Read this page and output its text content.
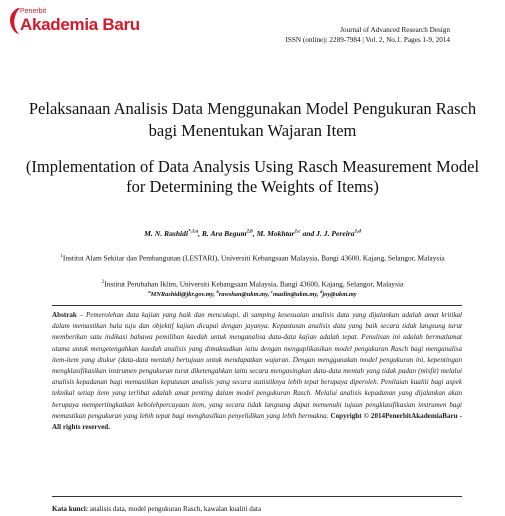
Penerbit
Akademia Baru	Journal of Advanced Research Design
ISSN (online): 2289-7984 | Vol. 2, No.1. Pages 1-9, 2014
Pelaksanaan Analisis Data Menggunakan Model Pengukuran Rasch bagi Menentukan Wajaran Item
(Implementation of Data Analysis Using Rasch Measurement Model for Determining the Weights of Items)
M. N. Rashidi$^{*,1,a}$, R. Ara Begum$^{2,b}$, M. Mokhtar$^{1,c}$ and J. J. Pereira$^{1,d}$
$^1$Institut Alam Sekitar dan Pembangunan (LESTARI), Universiti Kebangsaan Malaysia, Bangi 43600, Kajang, Selangor, Malaysia
$^2$Institut Perubahan Iklim, Universiti Kebangsaan Malaysia, Bangi 43600, Kajang, Selangor, Malaysia
$^a$MNRashidi@jkr.gov.my, $^b$rawshan@ukm.my, $^c$mazlin@ukm.my, $^d$joy@ukm.my
Abstrak – Pemerolehan data kajian yang baik dan mencukupi, di samping kesesuaian analisis data yang dijalankan adalah amat kritikal dalam memastikan hala tuju dan objektif kajian dicapai dengan jayanya. Kepastusan analisis data yang baik secara tidak langsung turut memberikan satu indikasi bahawa pemilihan kaedah untuk menganalisa data-data kajian adalah tepat. Penulisan ini adalah bermatlamat utama untuk mengetengahkan kaedah analisis yang dimaksudkan iaitu dengan mengaplikasikan model pengukuran Rasch bagi menganalisa item-item yang diukur (data-data mentah) bertujuan untuk mendapatkan wajaran. Dengan menggunakan model pengukuran ini, kepentingan mengklasifikasikan instrumen pengukuran turut diketengahkan iaitu secara mengasingkan data-data mentah yang tidak padan (misfit) melalui analisis kepadanan bagi memastikan keputusan analisis yang secara statistiknya lebih tepat berupaya diperoleh. Penilaian kualiti bagi aspek teknikal setiap item yang terlibat adalah amat penting dalam model pengukuran Rasch. Melalui analisis kepadanan yang dijalankan akan berupaya mempertingkatkan kebolehpercayaan item, yang secara tidak langsung dapat memenuhi tujuan pengklasifikasian instrumen bagi memastikan pengukuran yang lebih tepat bagi menghasilkan penyelidikan yang lebih bermakna. Copyright © 2014PenerbitAkademiaBaru - All rights reserved.
Kata kunci: analisis data, model pengukuran Rasch, kawalan kualiti data
